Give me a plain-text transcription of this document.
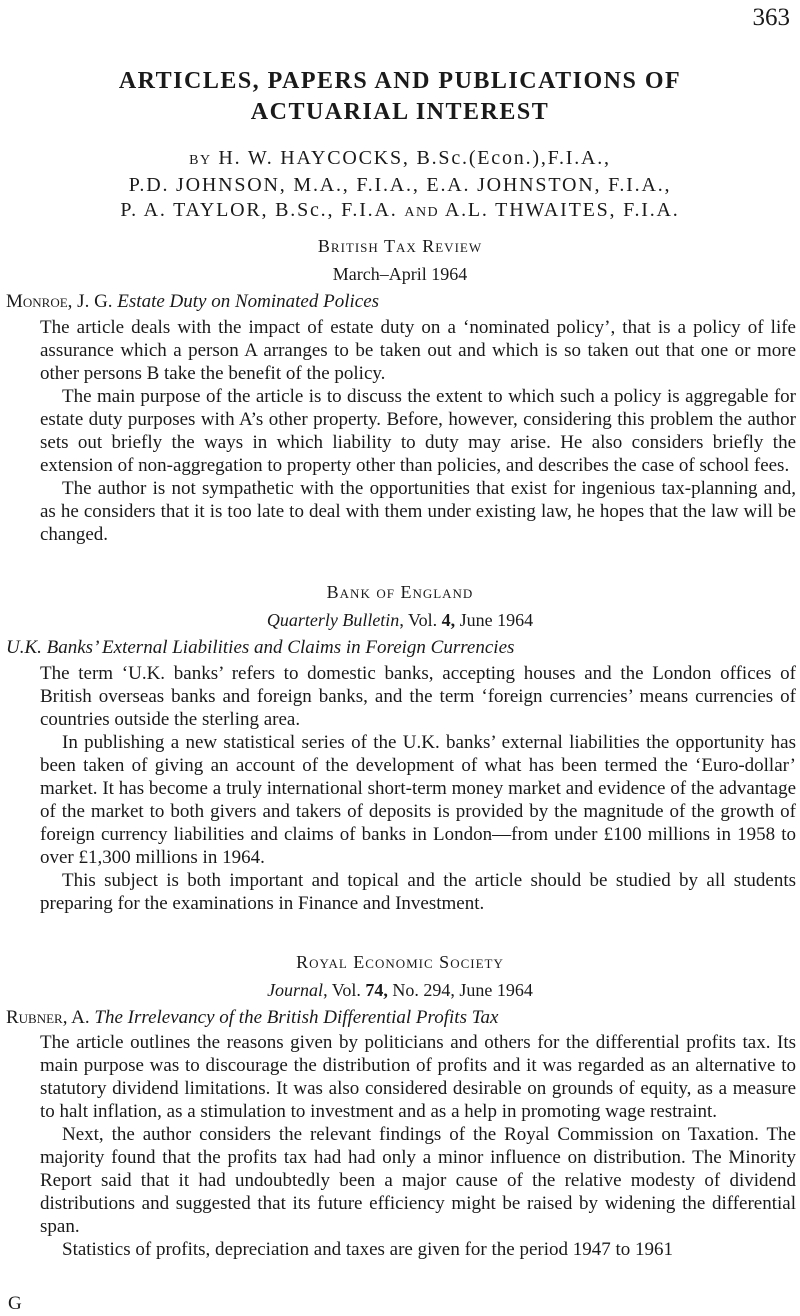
363
ARTICLES, PAPERS AND PUBLICATIONS OF
ACTUARIAL INTEREST
BY H. W. HAYCOCKS, B.Sc.(Econ.),F.I.A.,
P.D. JOHNSON, M.A., F.I.A., E.A. JOHNSTON, F.I.A.,
P. A. TAYLOR, B.Sc., F.I.A. AND A.L. THWAITES, F.I.A.
British Tax Review
March–April 1964
Monroe, J. G. Estate Duty on Nominated Polices

The article deals with the impact of estate duty on a ‘nominated policy’, that is a policy of life assurance which a person A arranges to be taken out and which is so taken out that one or more other persons B take the benefit of the policy.

The main purpose of the article is to discuss the extent to which such a policy is aggregable for estate duty purposes with A’s other property. Before, however, considering this problem the author sets out briefly the ways in which liability to duty may arise. He also considers briefly the extension of non-aggregation to property other than policies, and describes the case of school fees.

The author is not sympathetic with the opportunities that exist for ingenious tax-planning and, as he considers that it is too late to deal with them under existing law, he hopes that the law will be changed.

Bank of England
Quarterly Bulletin, Vol. 4, June 1964
U.K. Banks’ External Liabilities and Claims in Foreign Currencies

The term ‘U.K. banks’ refers to domestic banks, accepting houses and the London offices of British overseas banks and foreign banks, and the term ‘foreign currencies’ means currencies of countries outside the sterling area.

In publishing a new statistical series of the U.K. banks’ external liabilities the opportunity has been taken of giving an account of the development of what has been termed the ‘Euro-dollar’ market. It has become a truly international short-term money market and evidence of the advantage of the market to both givers and takers of deposits is provided by the magnitude of the growth of foreign currency liabilities and claims of banks in London—from under £100 millions in 1958 to over £1,300 millions in 1964.

This subject is both important and topical and the article should be studied by all students preparing for the examinations in Finance and Investment.

Royal Economic Society
Journal, Vol. 74, No. 294, June 1964
Rubner, A. The Irrelevancy of the British Differential Profits Tax

The article outlines the reasons given by politicians and others for the differential profits tax. Its main purpose was to discourage the distribution of profits and it was regarded as an alternative to statutory dividend limitations. It was also considered desirable on grounds of equity, as a measure to halt inflation, as a stimulation to investment and as a help in promoting wage restraint.

Next, the author considers the relevant findings of the Royal Commission on Taxation. The majority found that the profits tax had had only a minor influence on distribution. The Minority Report said that it had undoubtedly been a major cause of the relative modesty of dividend distributions and suggested that its future efficiency might be raised by widening the differential span.

Statistics of profits, depreciation and taxes are given for the period 1947 to 1961

G
